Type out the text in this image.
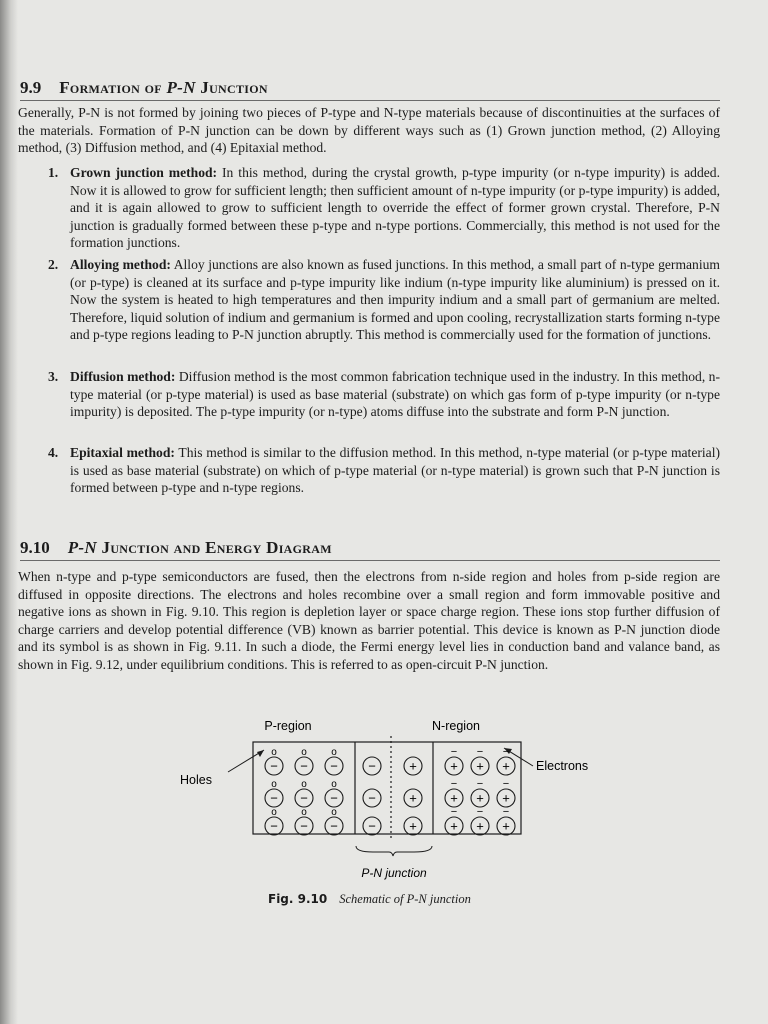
9.9 Formation of P-N Junction
Generally, P-N is not formed by joining two pieces of P-type and N-type materials because of discontinuities at the surfaces of the materials. Formation of P-N junction can be down by different ways such as (1) Grown junction method, (2) Alloying method, (3) Diffusion method, and (4) Epitaxial method.
1. Grown junction method: In this method, during the crystal growth, p-type impurity (or n-type impurity) is added. Now it is allowed to grow for sufficient length; then sufficient amount of n-type impurity (or p-type impurity) is added, and it is again allowed to grow to sufficient length to override the effect of former grown crystal. Therefore, P-N junction is gradually formed between these p-type and n-type portions. Commercially, this method is not used for the formation junctions.
2. Alloying method: Alloy junctions are also known as fused junctions. In this method, a small part of n-type germanium (or p-type) is cleaned at its surface and p-type impurity like indium (n-type impurity like aluminium) is pressed on it. Now the system is heated to high temperatures and then impurity indium and a small part of germanium are melted. Therefore, liquid solution of indium and germanium is formed and upon cooling, recrystallization starts forming n-type and p-type regions leading to P-N junction abruptly. This method is commercially used for the formation of junctions.
3. Diffusion method: Diffusion method is the most common fabrication technique used in the industry. In this method, n-type material (or p-type material) is used as base material (substrate) on which gas form of p-type impurity (or n-type impurity) is deposited. The p-type impurity (or n-type) atoms diffuse into the substrate and form P-N junction.
4. Epitaxial method: This method is similar to the diffusion method. In this method, n-type material (or p-type material) is used as base material (substrate) on which of p-type material (or n-type material) is grown such that P-N junction is formed between p-type and n-type regions.
9.10 P-N Junction and Energy Diagram
When n-type and p-type semiconductors are fused, then the electrons from n-side region and holes from p-side region are diffused in opposite directions. The electrons and holes recombine over a small region and form immovable positive and negative ions as shown in Fig. 9.10. This region is depletion layer or space charge region. These ions stop further diffusion of charge carriers and develop potential difference (VB) known as barrier potential. This device is known as P-N junction diode and its symbol is as shown in Fig. 9.11. In such a diode, the Fermi energy level lies in conduction band and valance band, as shown in Fig. 9.12, under equilibrium conditions. This is referred to as open-circuit P-N junction.
P-region	N-region
Holes
Electrons
P-N junction
−
o
−
o
−
o
−
o
−
o
−
o
−
o
−
o
−
o
−
−
−
+
+
+
+
−
+
−
+
−
+
−
+
−
+
−
+
−
+
−
+
−
Fig. 9.10 Schematic of P-N junction
